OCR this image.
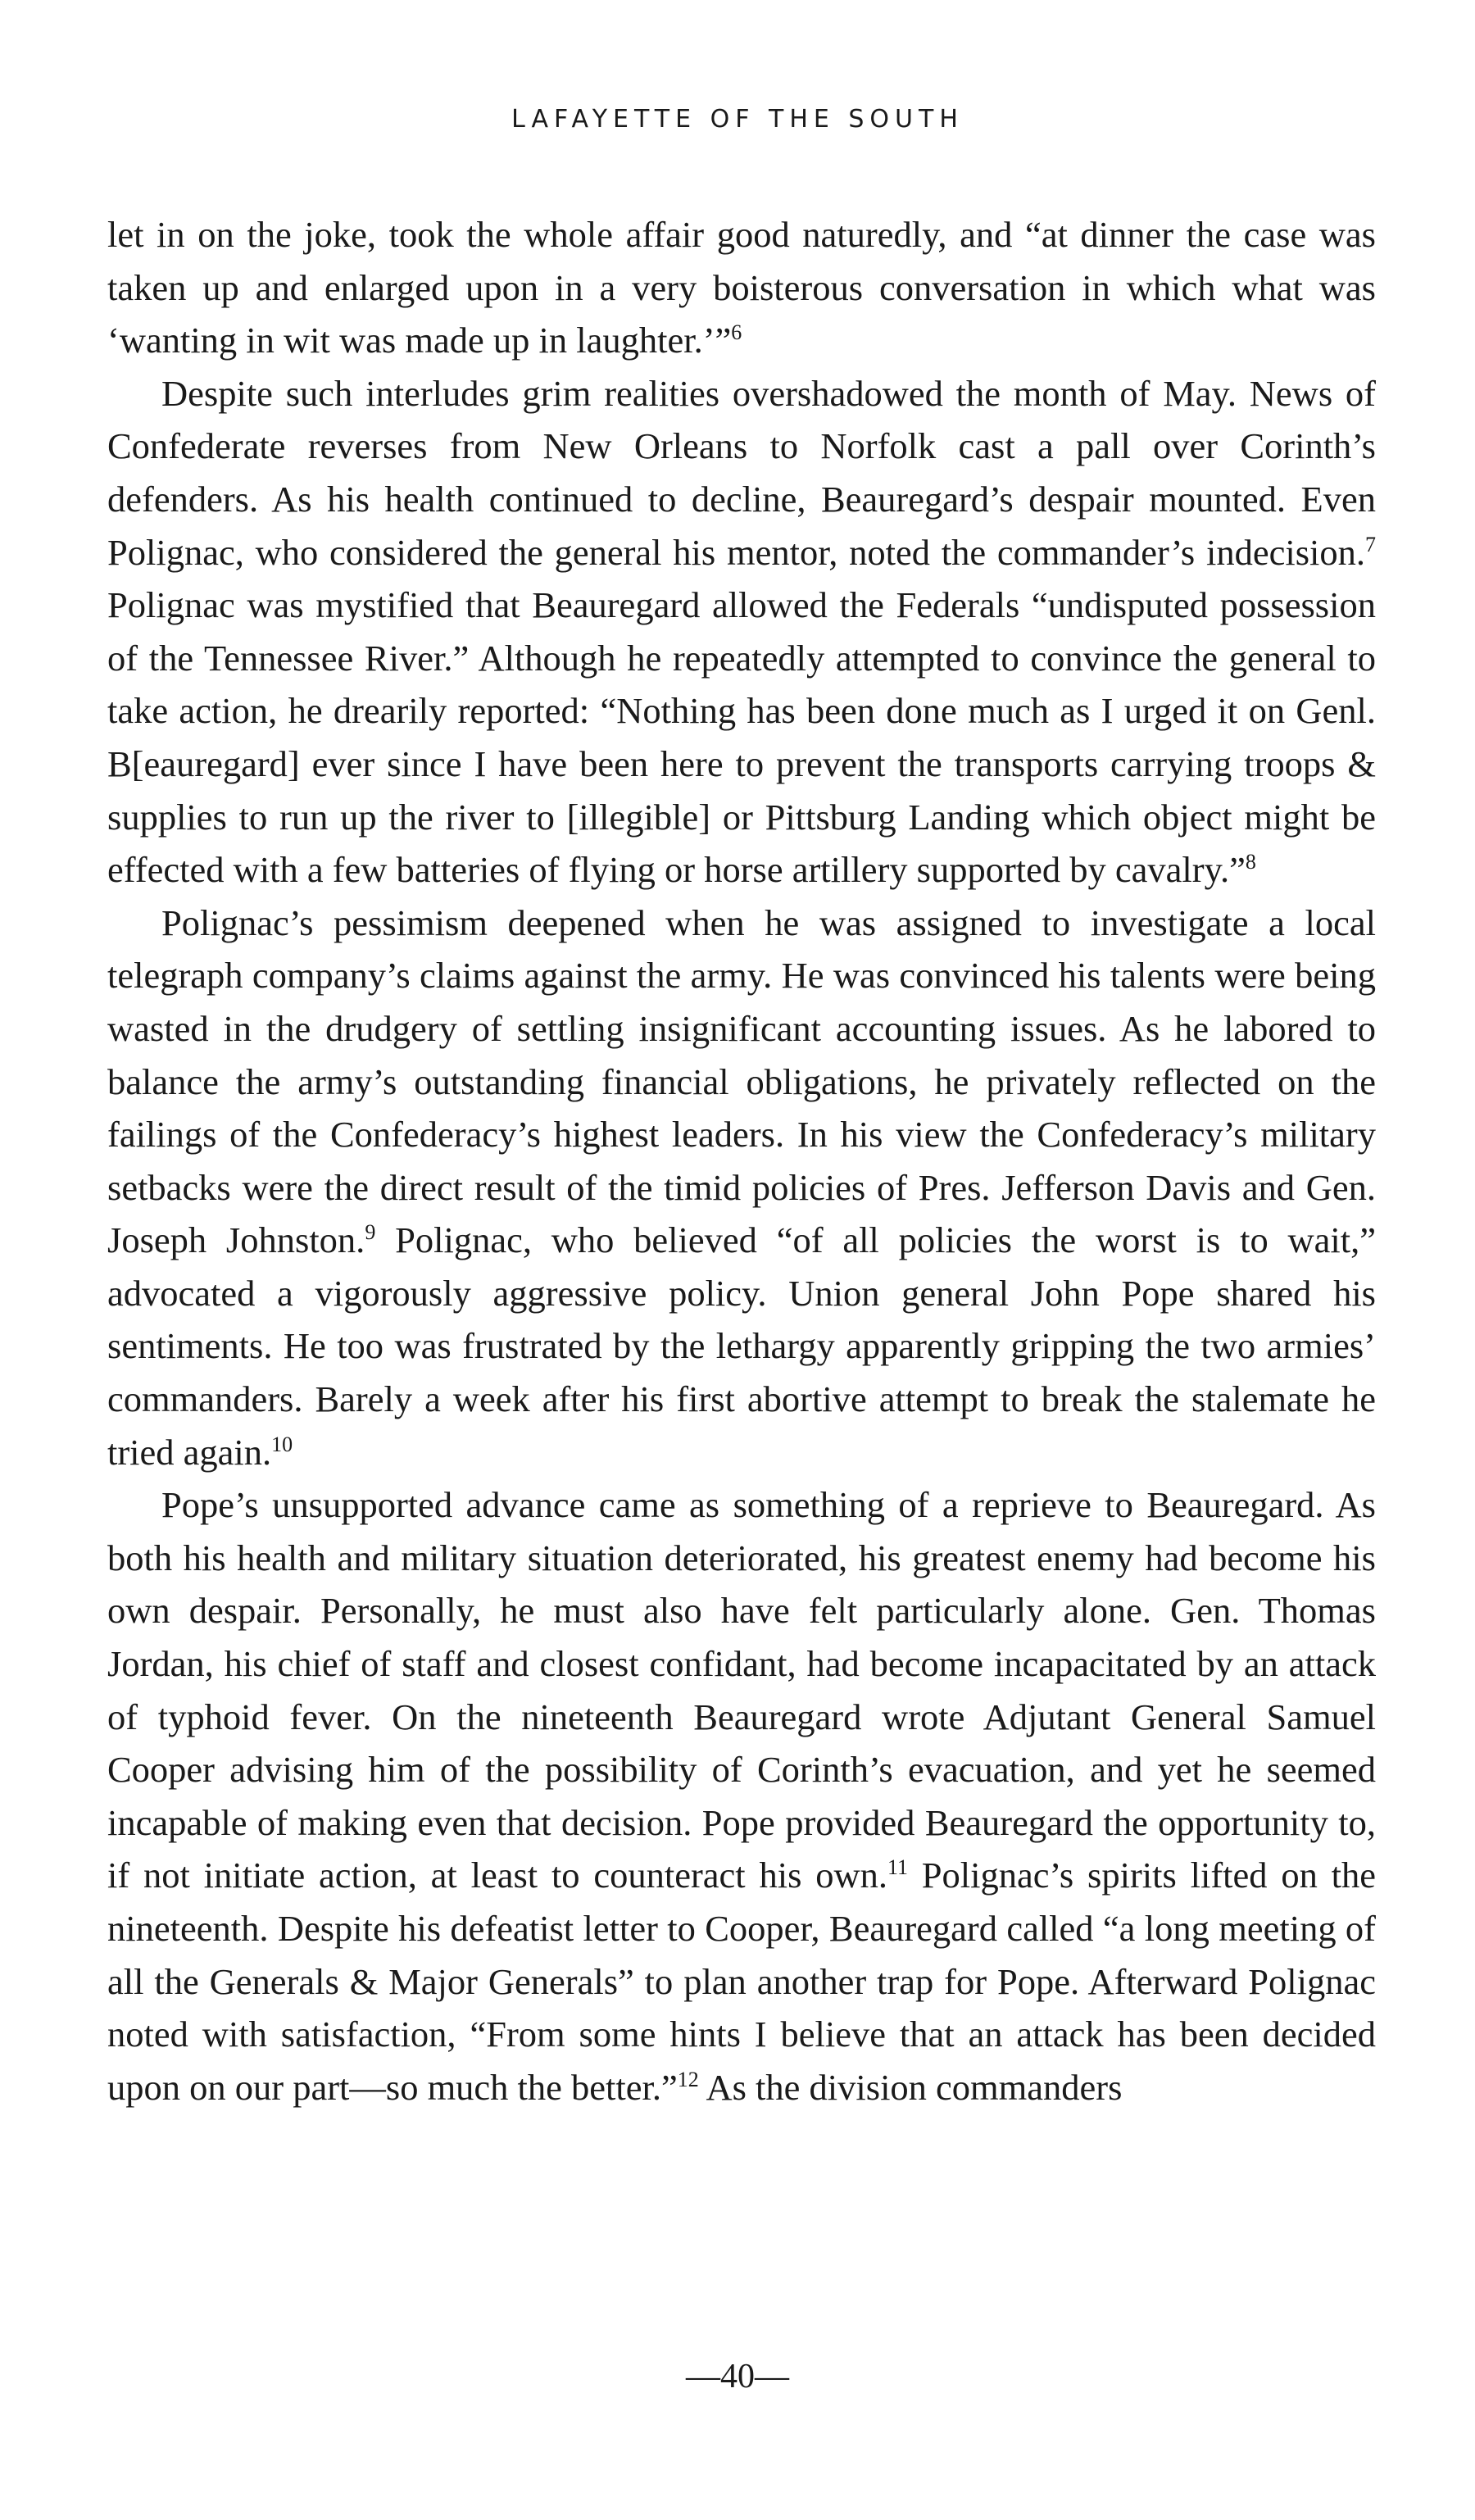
LAFAYETTE OF THE SOUTH

let in on the joke, took the whole affair good naturedly, and “at dinner the case was taken up and enlarged upon in a very boisterous conversation in which what was ‘wanting in wit was made up in laughter.’”$^6$

Despite such interludes grim realities overshadowed the month of May. News of Confederate reverses from New Orleans to Norfolk cast a pall over Corinth’s defenders. As his health continued to decline, Beauregard’s despair mounted. Even Polignac, who considered the general his mentor, noted the commander’s indecision.$^7$ Polignac was mystified that Beauregard allowed the Federals “undisputed possession of the Tennessee River.” Although he repeatedly attempted to convince the general to take action, he drearily reported: “Nothing has been done much as I urged it on Genl. B[eauregard] ever since I have been here to prevent the transports carrying troops & supplies to run up the river to [illegible] or Pittsburg Landing which object might be effected with a few batteries of flying or horse artillery supported by cavalry.”$^8$

Polignac’s pessimism deepened when he was assigned to investigate a local telegraph company’s claims against the army. He was convinced his talents were being wasted in the drudgery of settling insignificant accounting issues. As he labored to balance the army’s outstanding financial obligations, he privately reflected on the failings of the Confederacy’s highest leaders. In his view the Confederacy’s military setbacks were the direct result of the timid policies of Pres. Jefferson Davis and Gen. Joseph Johnston.$^9$ Polignac, who believed “of all policies the worst is to wait,” advocated a vigorously aggressive policy. Union general John Pope shared his sentiments. He too was frustrated by the lethargy apparently gripping the two armies’ commanders. Barely a week after his first abortive attempt to break the stalemate he tried again.$^{10}$

Pope’s unsupported advance came as something of a reprieve to Beauregard. As both his health and military situation deteriorated, his greatest enemy had become his own despair. Personally, he must also have felt particularly alone. Gen. Thomas Jordan, his chief of staff and closest confidant, had become incapacitated by an attack of typhoid fever. On the nineteenth Beauregard wrote Adjutant General Samuel Cooper advising him of the possibility of Corinth’s evacuation, and yet he seemed incapable of making even that decision. Pope provided Beauregard the opportunity to, if not initiate action, at least to counteract his own.$^{11}$ Polignac’s spirits lifted on the nineteenth. Despite his defeatist letter to Cooper, Beauregard called “a long meeting of all the Generals & Major Generals” to plan another trap for Pope. Afterward Polignac noted with satisfaction, “From some hints I believe that an attack has been decided upon on our part—so much the better.”$^{12}$ As the division commanders

—40—
